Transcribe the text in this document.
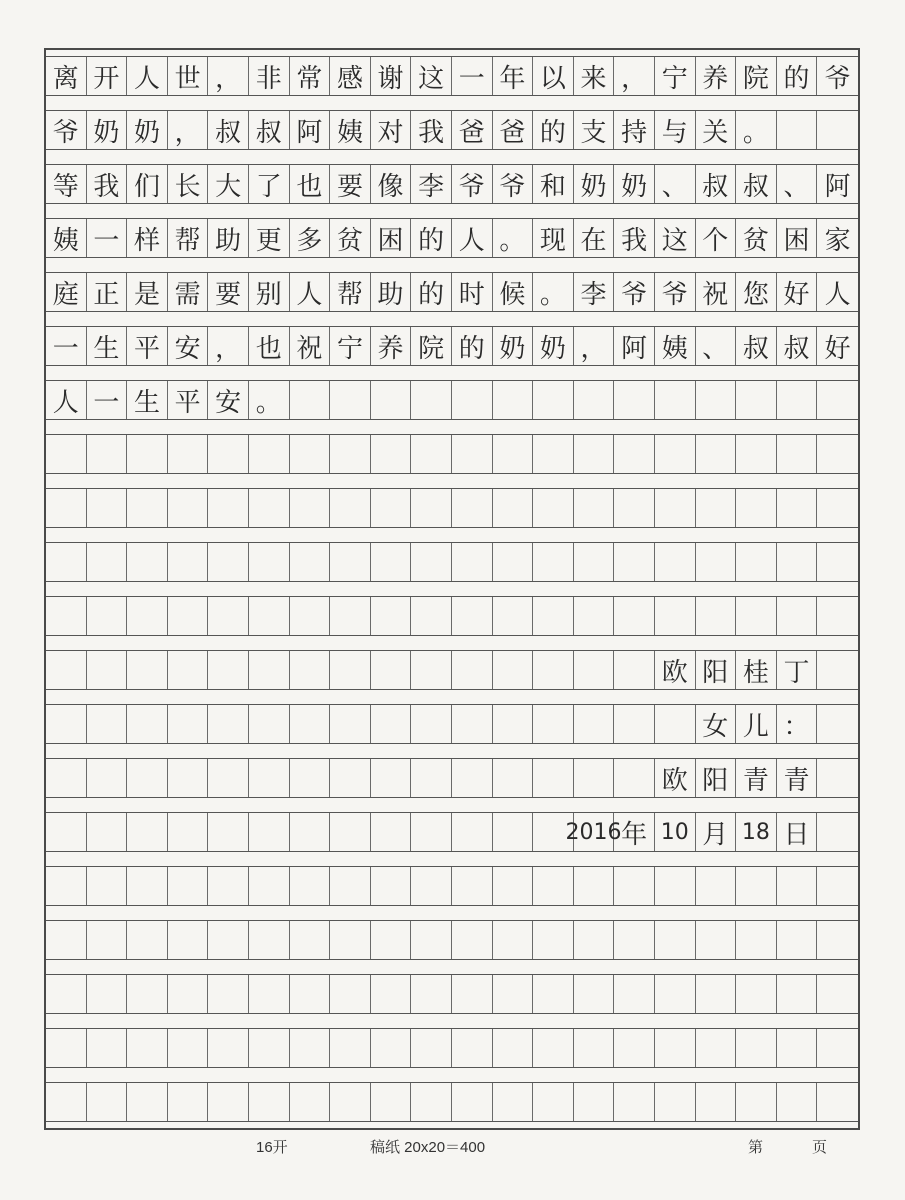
离 开 人 世 ， 非 常 感 谢 这 一 年 以 来 ， 宁 养 院 的 爷
爷 奶 奶 ， 叔 叔 阿 姨 对 我 爸 爸 的 支 持 与 关 。
等 我 们 长 大 了 也 要 像 李 爷 爷 和 奶 奶 、 叔 叔 、 阿
姨 一 样 帮 助 更 多 贫 困 的 人 。 现 在 我 这 个 贫 困 家
庭 正 是 需 要 别 人 帮 助 的 时 候 。 李 爷 爷 祝 您 好 人
一 生 平 安 ， 也 祝 宁 养 院 的 奶 奶 ， 阿 姨 、 叔 叔 好
人 一 生 平 安 。
欧 阳 桂 丁
女 儿 ：
欧 阳 青 青
2016 年 10 月 18 日
16开	稿纸 20x20＝400	第	页
